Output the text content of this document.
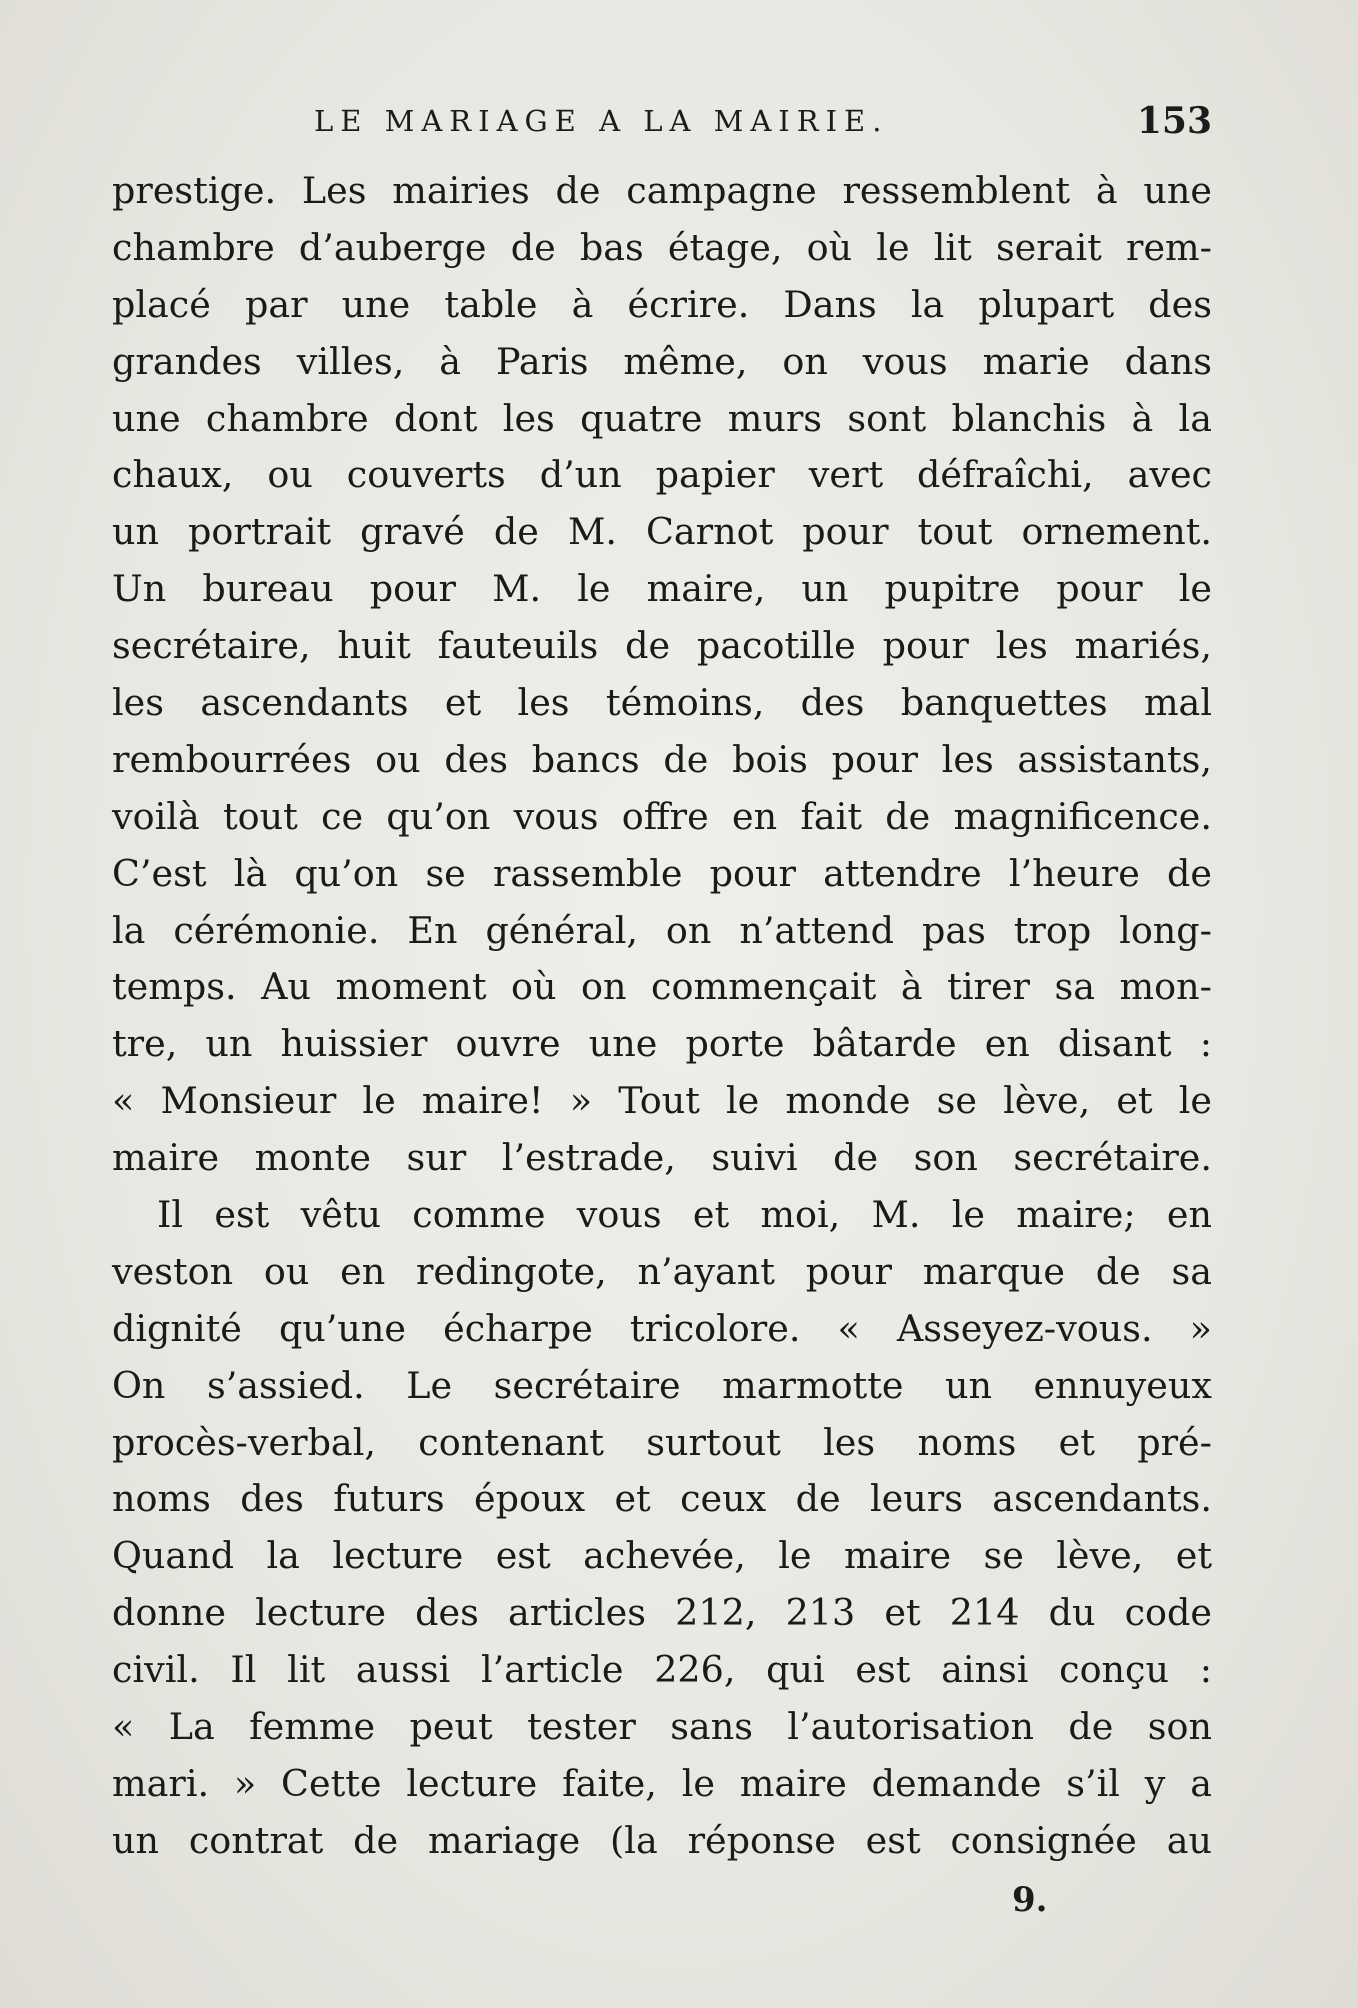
LE MARIAGE A LA MAIRIE.	153
prestige. Les mairies de campagne ressemblent à une
chambre d’auberge de bas étage, où le lit serait rem-
placé par une table à écrire. Dans la plupart des
grandes villes, à Paris même, on vous marie dans
une chambre dont les quatre murs sont blanchis à la
chaux, ou couverts d’un papier vert défraîchi, avec
un portrait gravé de M. Carnot pour tout ornement.
Un bureau pour M. le maire, un pupitre pour le
secrétaire, huit fauteuils de pacotille pour les mariés,
les ascendants et les témoins, des banquettes mal
rembourrées ou des bancs de bois pour les assistants,
voilà tout ce qu’on vous offre en fait de magnificence.
C’est là qu’on se rassemble pour attendre l’heure de
la cérémonie. En général, on n’attend pas trop long-
temps. Au moment où on commençait à tirer sa mon-
tre, un huissier ouvre une porte bâtarde en disant :
« Monsieur le maire! » Tout le monde se lève, et le
maire monte sur l’estrade, suivi de son secrétaire.
Il est vêtu comme vous et moi, M. le maire; en
veston ou en redingote, n’ayant pour marque de sa
dignité qu’une écharpe tricolore. « Asseyez-vous. »
On s’assied. Le secrétaire marmotte un ennuyeux
procès-verbal, contenant surtout les noms et pré-
noms des futurs époux et ceux de leurs ascendants.
Quand la lecture est achevée, le maire se lève, et
donne lecture des articles 212, 213 et 214 du code
civil. Il lit aussi l’article 226, qui est ainsi conçu :
« La femme peut tester sans l’autorisation de son
mari. » Cette lecture faite, le maire demande s’il y a
un contrat de mariage (la réponse est consignée au
9.
